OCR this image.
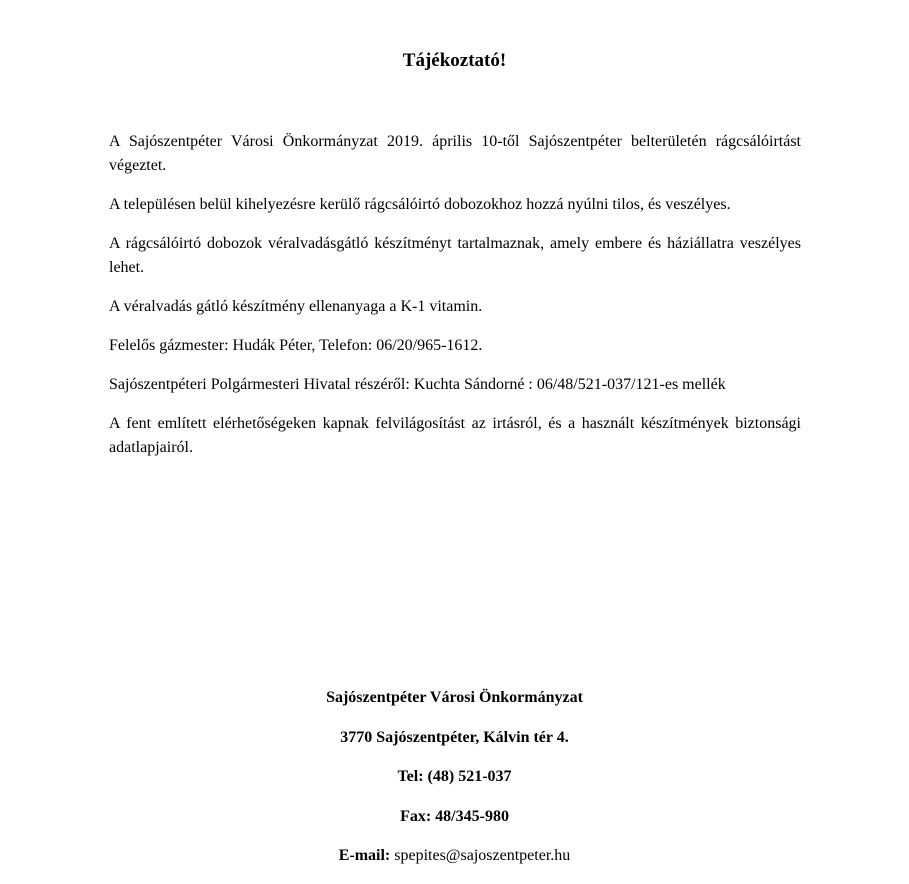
Tájékoztató!

A Sajószentpéter Városi Önkormányzat 2019. április 10-től Sajószentpéter belterületén rágcsálóirtást végeztet.

A településen belül kihelyezésre kerülő rágcsálóirtó dobozokhoz hozzá nyúlni tilos, és veszélyes.

A rágcsálóirtó dobozok véralvadásgátló készítményt tartalmaznak, amely embere és háziállatra veszélyes lehet.

A véralvadás gátló készítmény ellenanyaga a K-1 vitamin.

Felelős gázmester: Hudák Péter, Telefon: 06/20/965-1612.

Sajószentpéteri Polgármesteri Hivatal részéről: Kuchta Sándorné : 06/48/521-037/121-es mellék

A fent említett elérhetőségeken kapnak felvilágosítást az irtásról, és a használt készítmények biztonsági adatlapjairól.

Sajószentpéter Városi Önkormányzat
3770 Sajószentpéter, Kálvin tér 4.
Tel: (48) 521-037
Fax: 48/345-980
E-mail: spepites@sajoszentpeter.hu
